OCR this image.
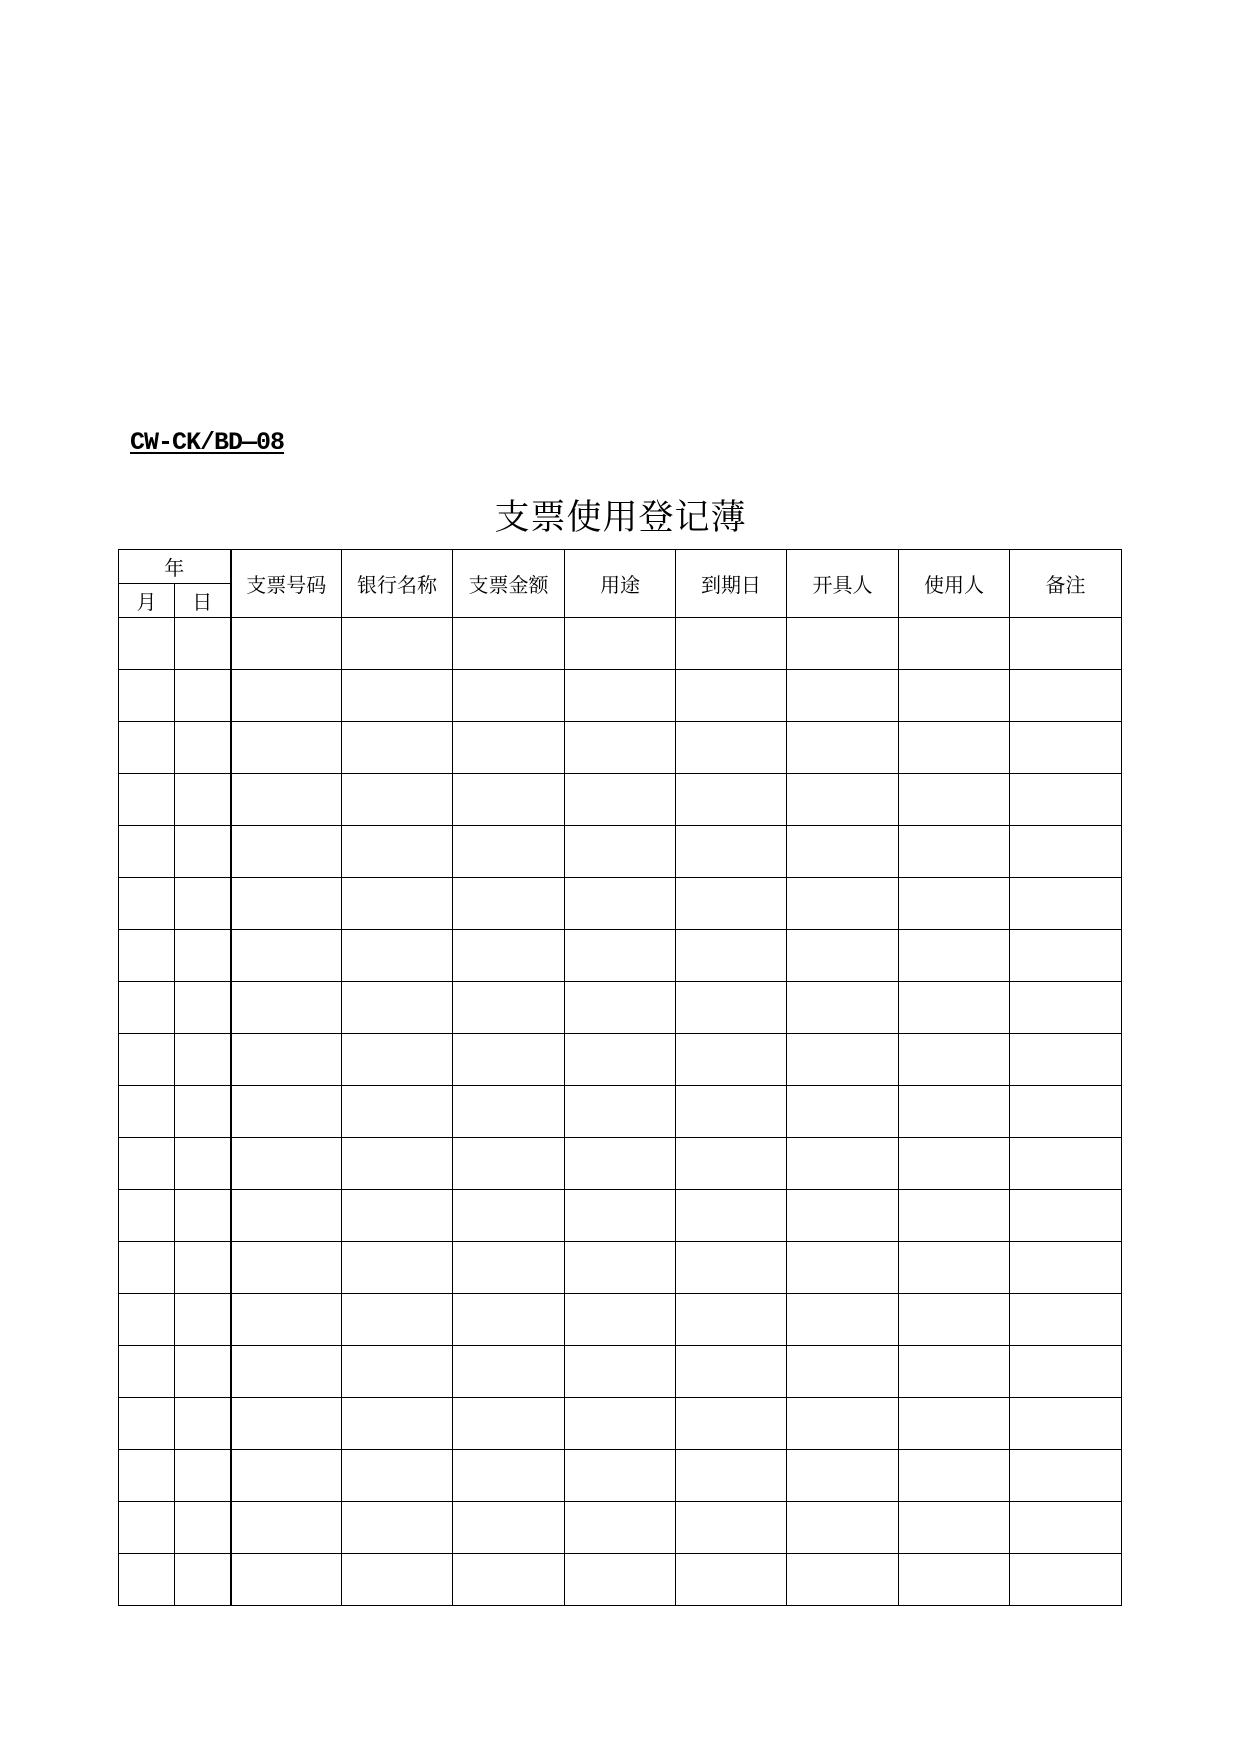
CW-CK/BD—08
支票使用登记薄
年		支票号码	银行名称	支票金额	用途	到期日	开具人	使用人	备注
月	日								
